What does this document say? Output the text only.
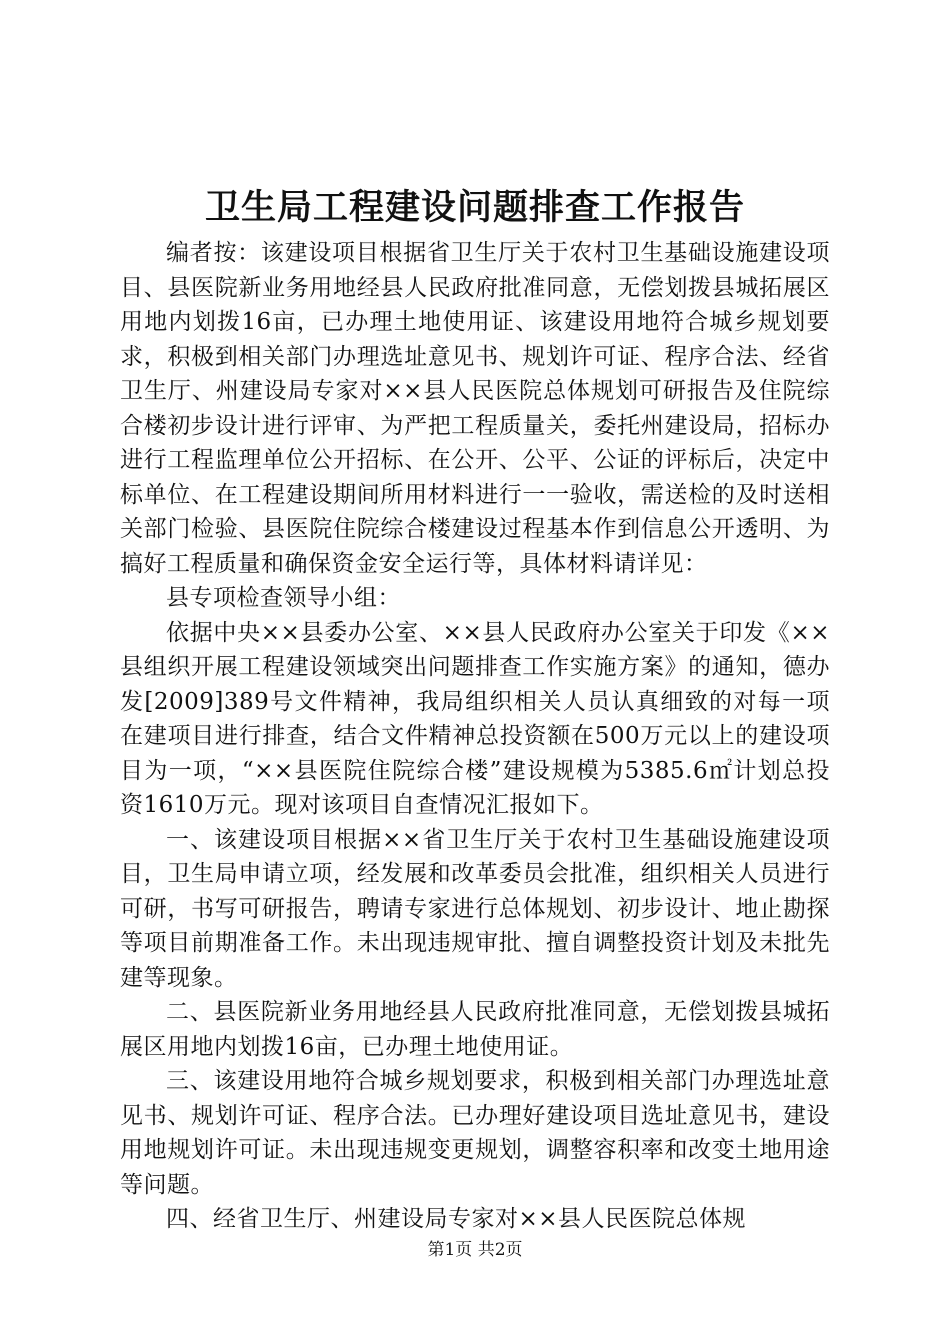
卫生局工程建设问题排查工作报告

编者按：该建设项目根据省卫生厅关于农村卫生基础设施建设项目、县医院新业务用地经县人民政府批准同意，无偿划拨县城拓展区用地内划拨16亩，已办理土地使用证、该建设用地符合城乡规划要求，积极到相关部门办理选址意见书、规划许可证、程序合法、经省卫生厅、州建设局专家对××县人民医院总体规划可研报告及住院综合楼初步设计进行评审、为严把工程质量关，委托州建设局，招标办进行工程监理单位公开招标、在公开、公平、公证的评标后，决定中标单位、在工程建设期间所用材料进行一一验收，需送检的及时送相关部门检验、县医院住院综合楼建设过程基本作到信息公开透明、为搞好工程质量和确保资金安全运行等，具体材料请详见：

县专项检查领导小组：

依据中央××县委办公室、××县人民政府办公室关于印发《××县组织开展工程建设领域突出问题排查工作实施方案》的通知，德办发[2009]389号文件精神，我局组织相关人员认真细致的对每一项在建项目进行排查，结合文件精神总投资额在500万元以上的建设项目为一项，“××县医院住院综合楼”建设规模为5385.6㎡计划总投资1610万元。现对该项目自查情况汇报如下。

一、该建设项目根据××省卫生厅关于农村卫生基础设施建设项目，卫生局申请立项，经发展和改革委员会批准，组织相关人员进行可研，书写可研报告，聘请专家进行总体规划、初步设计、地止勘探等项目前期准备工作。未出现违规审批、擅自调整投资计划及未批先建等现象。

二、县医院新业务用地经县人民政府批准同意，无偿划拨县城拓展区用地内划拨16亩，已办理土地使用证。

三、该建设用地符合城乡规划要求，积极到相关部门办理选址意见书、规划许可证、程序合法。已办理好建设项目选址意见书，建设用地规划许可证。未出现违规变更规划，调整容积率和改变土地用途等问题。

四、经省卫生厅、州建设局专家对××县人民医院总体规

第1页 共2页
